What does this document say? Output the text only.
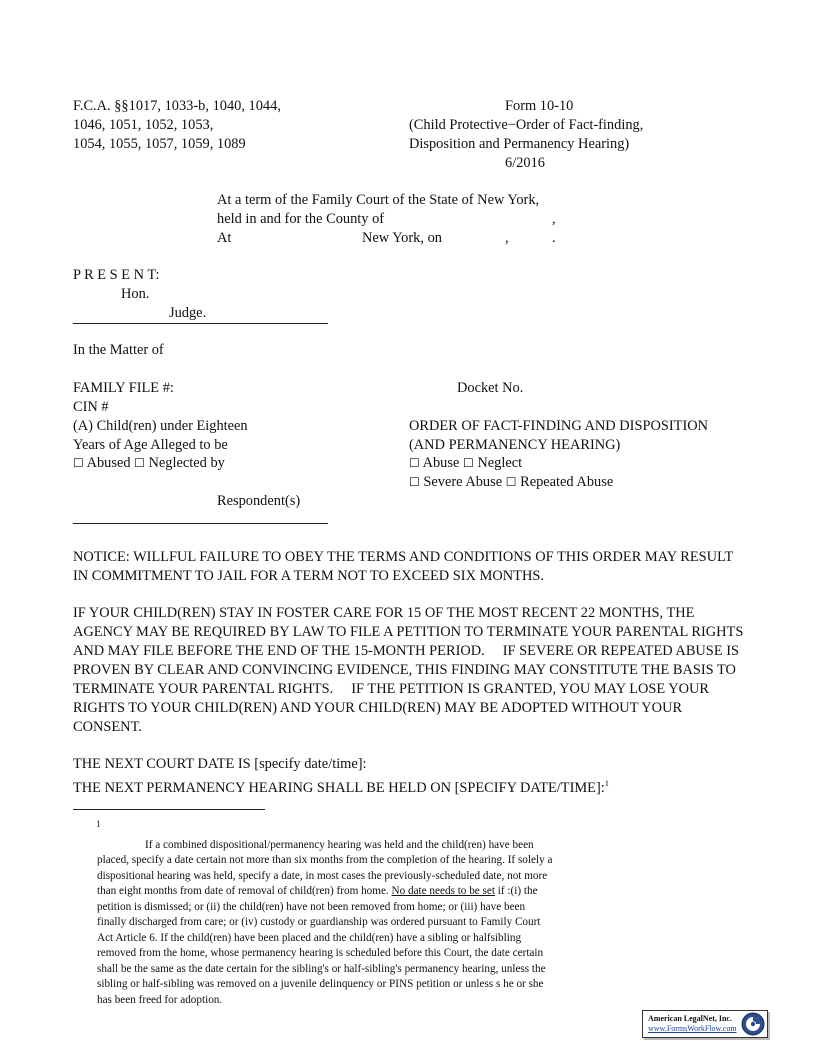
F.C.A. §§1017, 1033-b, 1040, 1044,
1046, 1051, 1052, 1053,
1054, 1055, 1057, 1059, 1089
Form 10-10
(Child Protective−Order of Fact-finding,
Disposition and Permanency Hearing)
6/2016
At a term of the Family Court of the State of New York,
held in and for the County of	,
At	New York, on	,	.
P R E S E N T:
Hon.
Judge.
In the Matter of
FAMILY FILE #:
CIN #
(A) Child(ren) under Eighteen
Years of Age Alleged to be
☐ Abused ☐ Neglected by
Respondent(s)
Docket No.
ORDER OF FACT-FINDING AND DISPOSITION
(AND PERMANENCY HEARING)
☐ Abuse ☐ Neglect
☐ Severe Abuse ☐ Repeated Abuse
NOTICE: WILLFUL FAILURE TO OBEY THE TERMS AND CONDITIONS OF THIS ORDER MAY RESULT
IN COMMITMENT TO JAIL FOR A TERM NOT TO EXCEED SIX MONTHS.
IF YOUR CHILD(REN) STAY IN FOSTER CARE FOR 15 OF THE MOST RECENT 22 MONTHS, THE
AGENCY MAY BE REQUIRED BY LAW TO FILE A PETITION TO TERMINATE YOUR PARENTAL RIGHTS
AND MAY FILE BEFORE THE END OF THE 15-MONTH PERIOD.     IF SEVERE OR REPEATED ABUSE IS
PROVEN BY CLEAR AND CONVINCING EVIDENCE, THIS FINDING MAY CONSTITUTE THE BASIS TO
TERMINATE YOUR PARENTAL RIGHTS.     IF THE PETITION IS GRANTED, YOU MAY LOSE YOUR
RIGHTS TO YOUR CHILD(REN) AND YOUR CHILD(REN) MAY BE ADOPTED WITHOUT YOUR
CONSENT.
THE NEXT COURT DATE IS [specify date/time]:
THE NEXT PERMANENCY HEARING SHALL BE HELD ON [SPECIFY DATE/TIME]:$^1$
1
If a combined dispositional/permanency hearing was held and the child(ren) have been
placed, specify a date certain not more than six months from the completion of the hearing. If solely a
dispositional hearing was held, specify a date, in most cases the previously-scheduled date, not more
than eight months from date of removal of child(ren) from home. No date needs to be set if :(i) the
petition is dismissed; or (ii) the child(ren) have not been removed from home; or (iii) have been
finally discharged from care; or (iv) custody or guardianship was ordered pursuant to Family Court
Act Article 6. If the child(ren) have been placed and the child(ren) have a sibling or halfsibling
removed from the home, whose permanency hearing is scheduled before this Court, the date certain
shall be the same as the date certain for the sibling's or half-sibling's permanency hearing, unless the
sibling or half-sibling was removed on a juvenile delinquency or PINS petition or unless s he or she
has been freed for adoption.
American LegalNet, Inc.
www.FormsWorkFlow.com
